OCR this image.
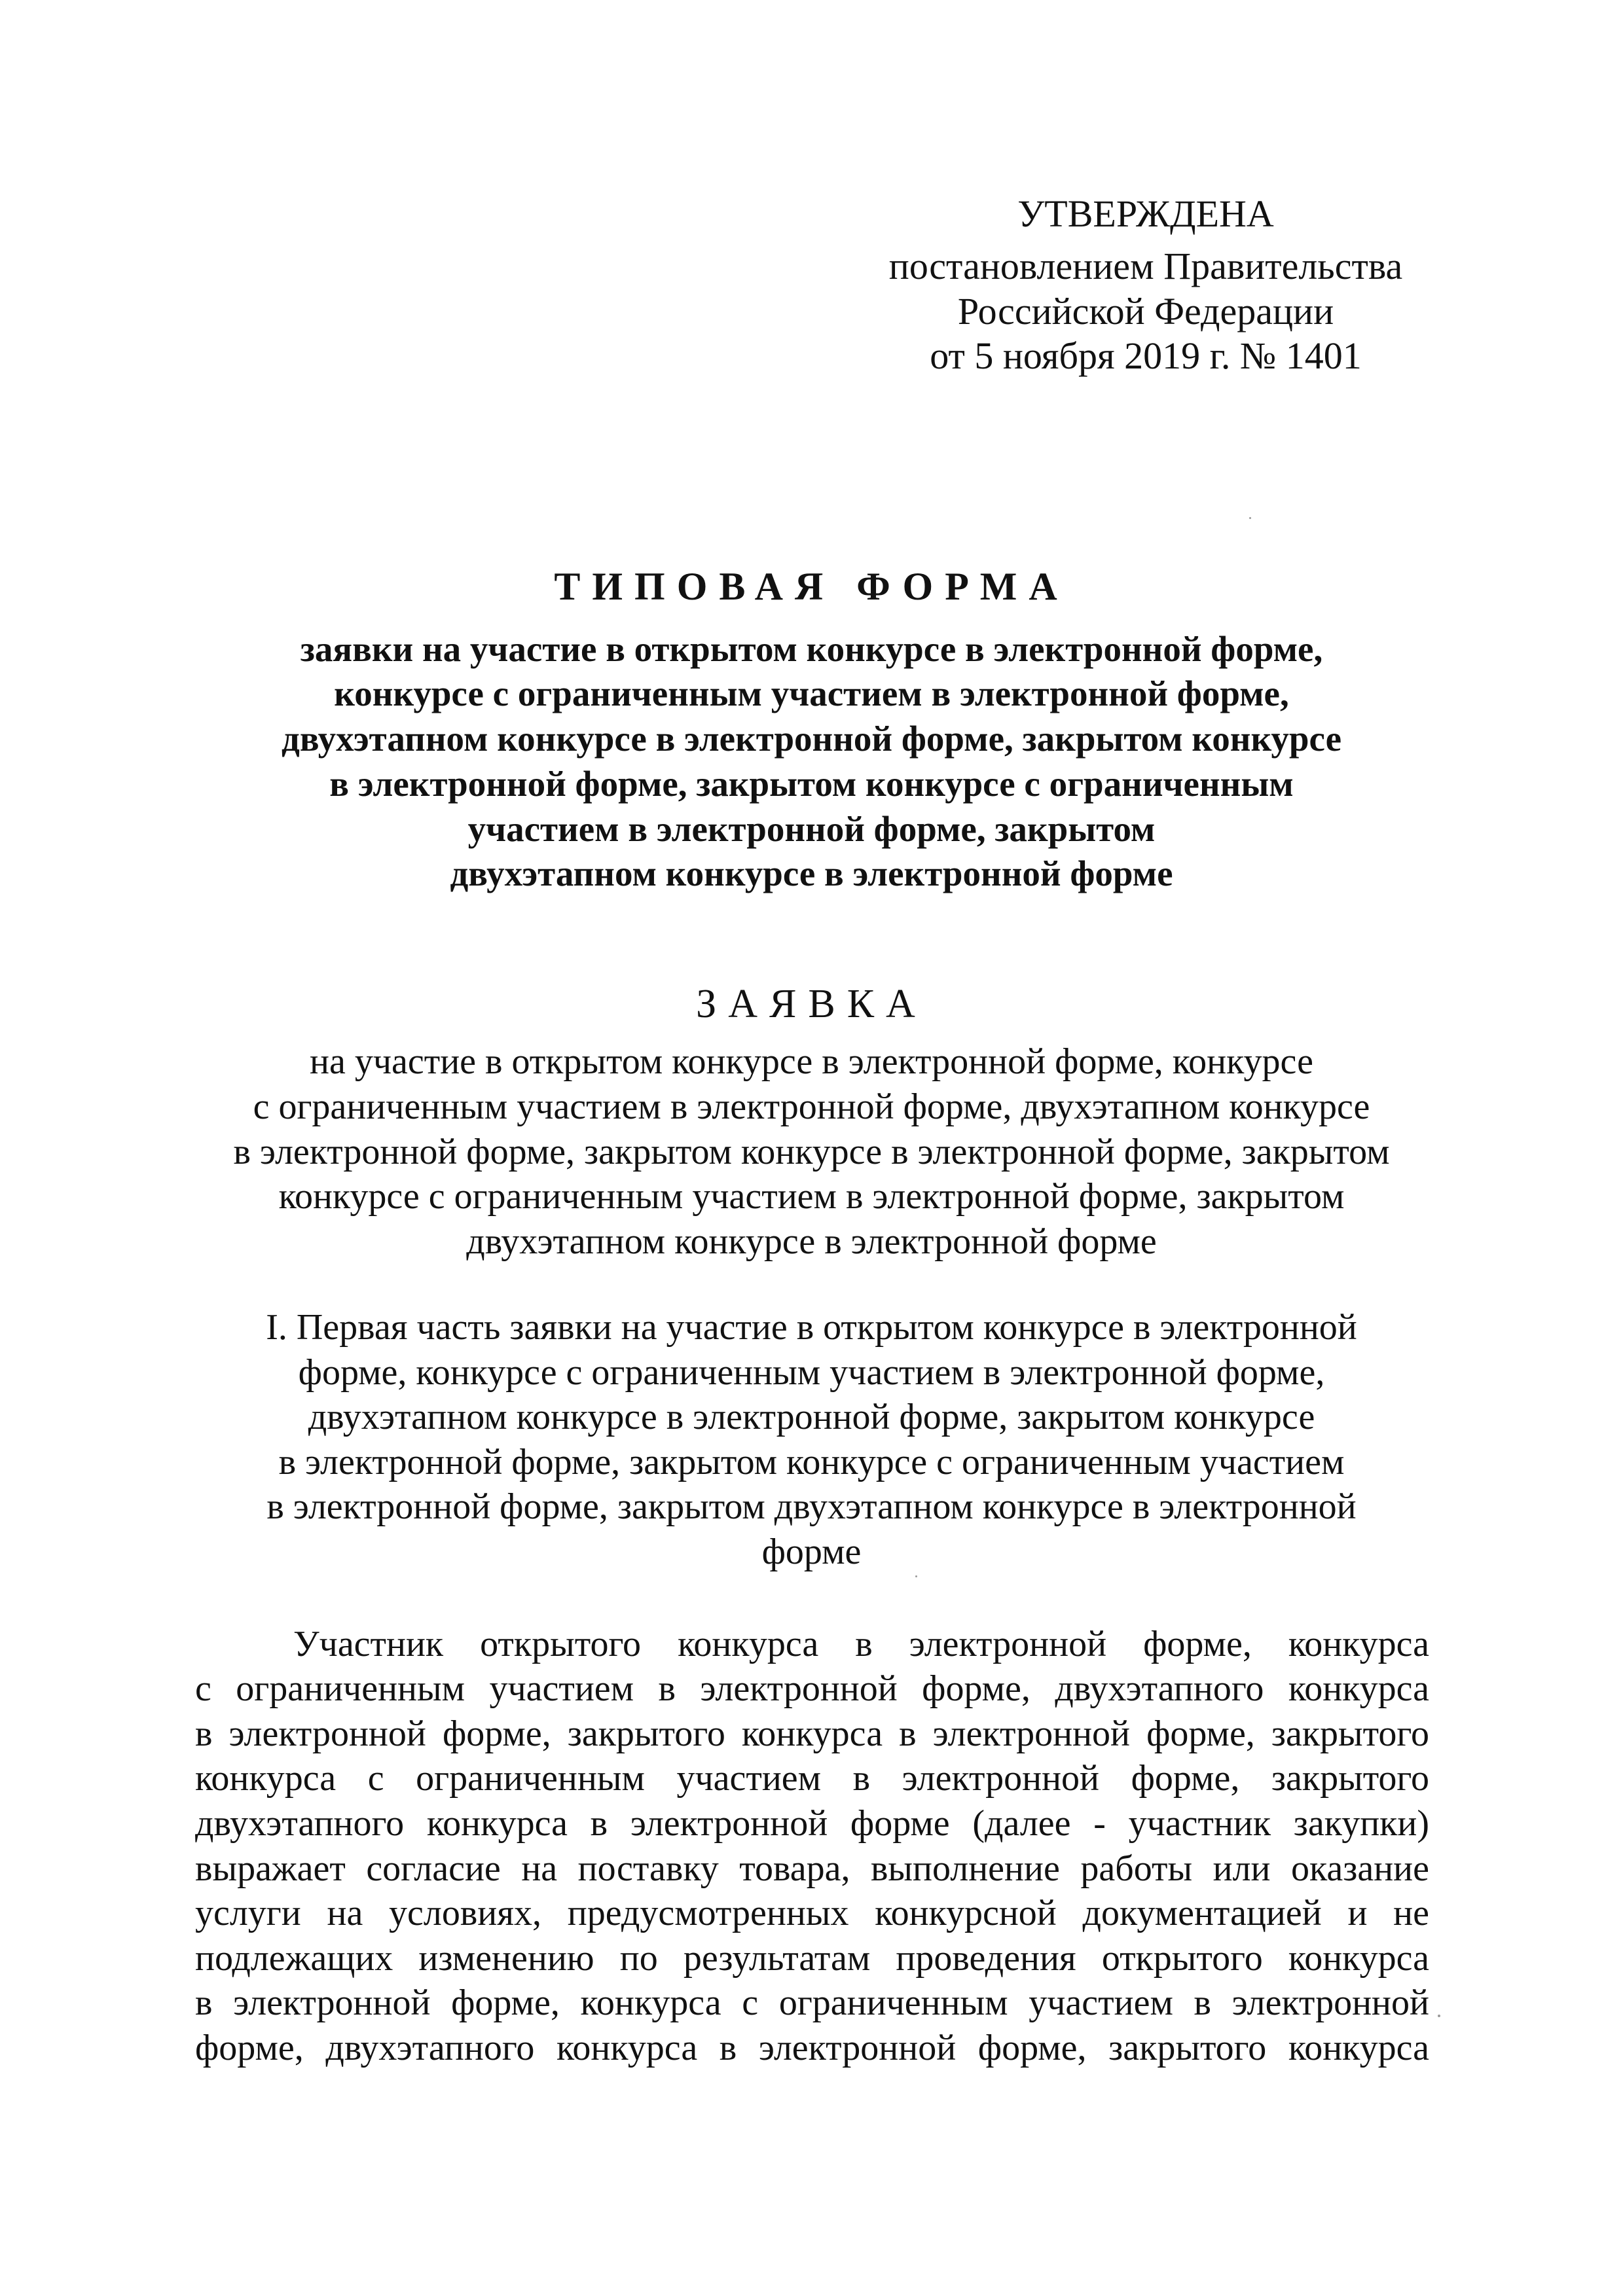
УТВЕРЖДЕНА
постановлением Правительства
Российской Федерации
от 5 ноября 2019 г. № 1401
ТИПОВАЯ ФОРМА
заявки на участие в открытом конкурсе в электронной форме,
конкурсе с ограниченным участием в электронной форме,
двухэтапном конкурсе в электронной форме, закрытом конкурсе
в электронной форме, закрытом конкурсе с ограниченным
участием в электронной форме, закрытом
двухэтапном конкурсе в электронной форме
ЗАЯВКА
на участие в открытом конкурсе в электронной форме, конкурсе
с ограниченным участием в электронной форме, двухэтапном конкурсе
в электронной форме, закрытом конкурсе в электронной форме, закрытом
конкурсе с ограниченным участием в электронной форме, закрытом
двухэтапном конкурсе в электронной форме
I. Первая часть заявки на участие в открытом конкурсе в электронной
форме, конкурсе с ограниченным участием в электронной форме,
двухэтапном конкурсе в электронной форме, закрытом конкурсе
в электронной форме, закрытом конкурсе с ограниченным участием
в электронной форме, закрытом двухэтапном конкурсе в электронной
форме
Участник открытого конкурса в электронной форме, конкурса
с ограниченным участием в электронной форме, двухэтапного конкурса
в электронной форме, закрытого конкурса в электронной форме, закрытого
конкурса с ограниченным участием в электронной форме, закрытого
двухэтапного конкурса в электронной форме (далее - участник закупки)
выражает согласие на поставку товара, выполнение работы или оказание
услуги на условиях, предусмотренных конкурсной документацией и не
подлежащих изменению по результатам проведения открытого конкурса
в электронной форме, конкурса с ограниченным участием в электронной
форме, двухэтапного конкурса в электронной форме, закрытого конкурса
